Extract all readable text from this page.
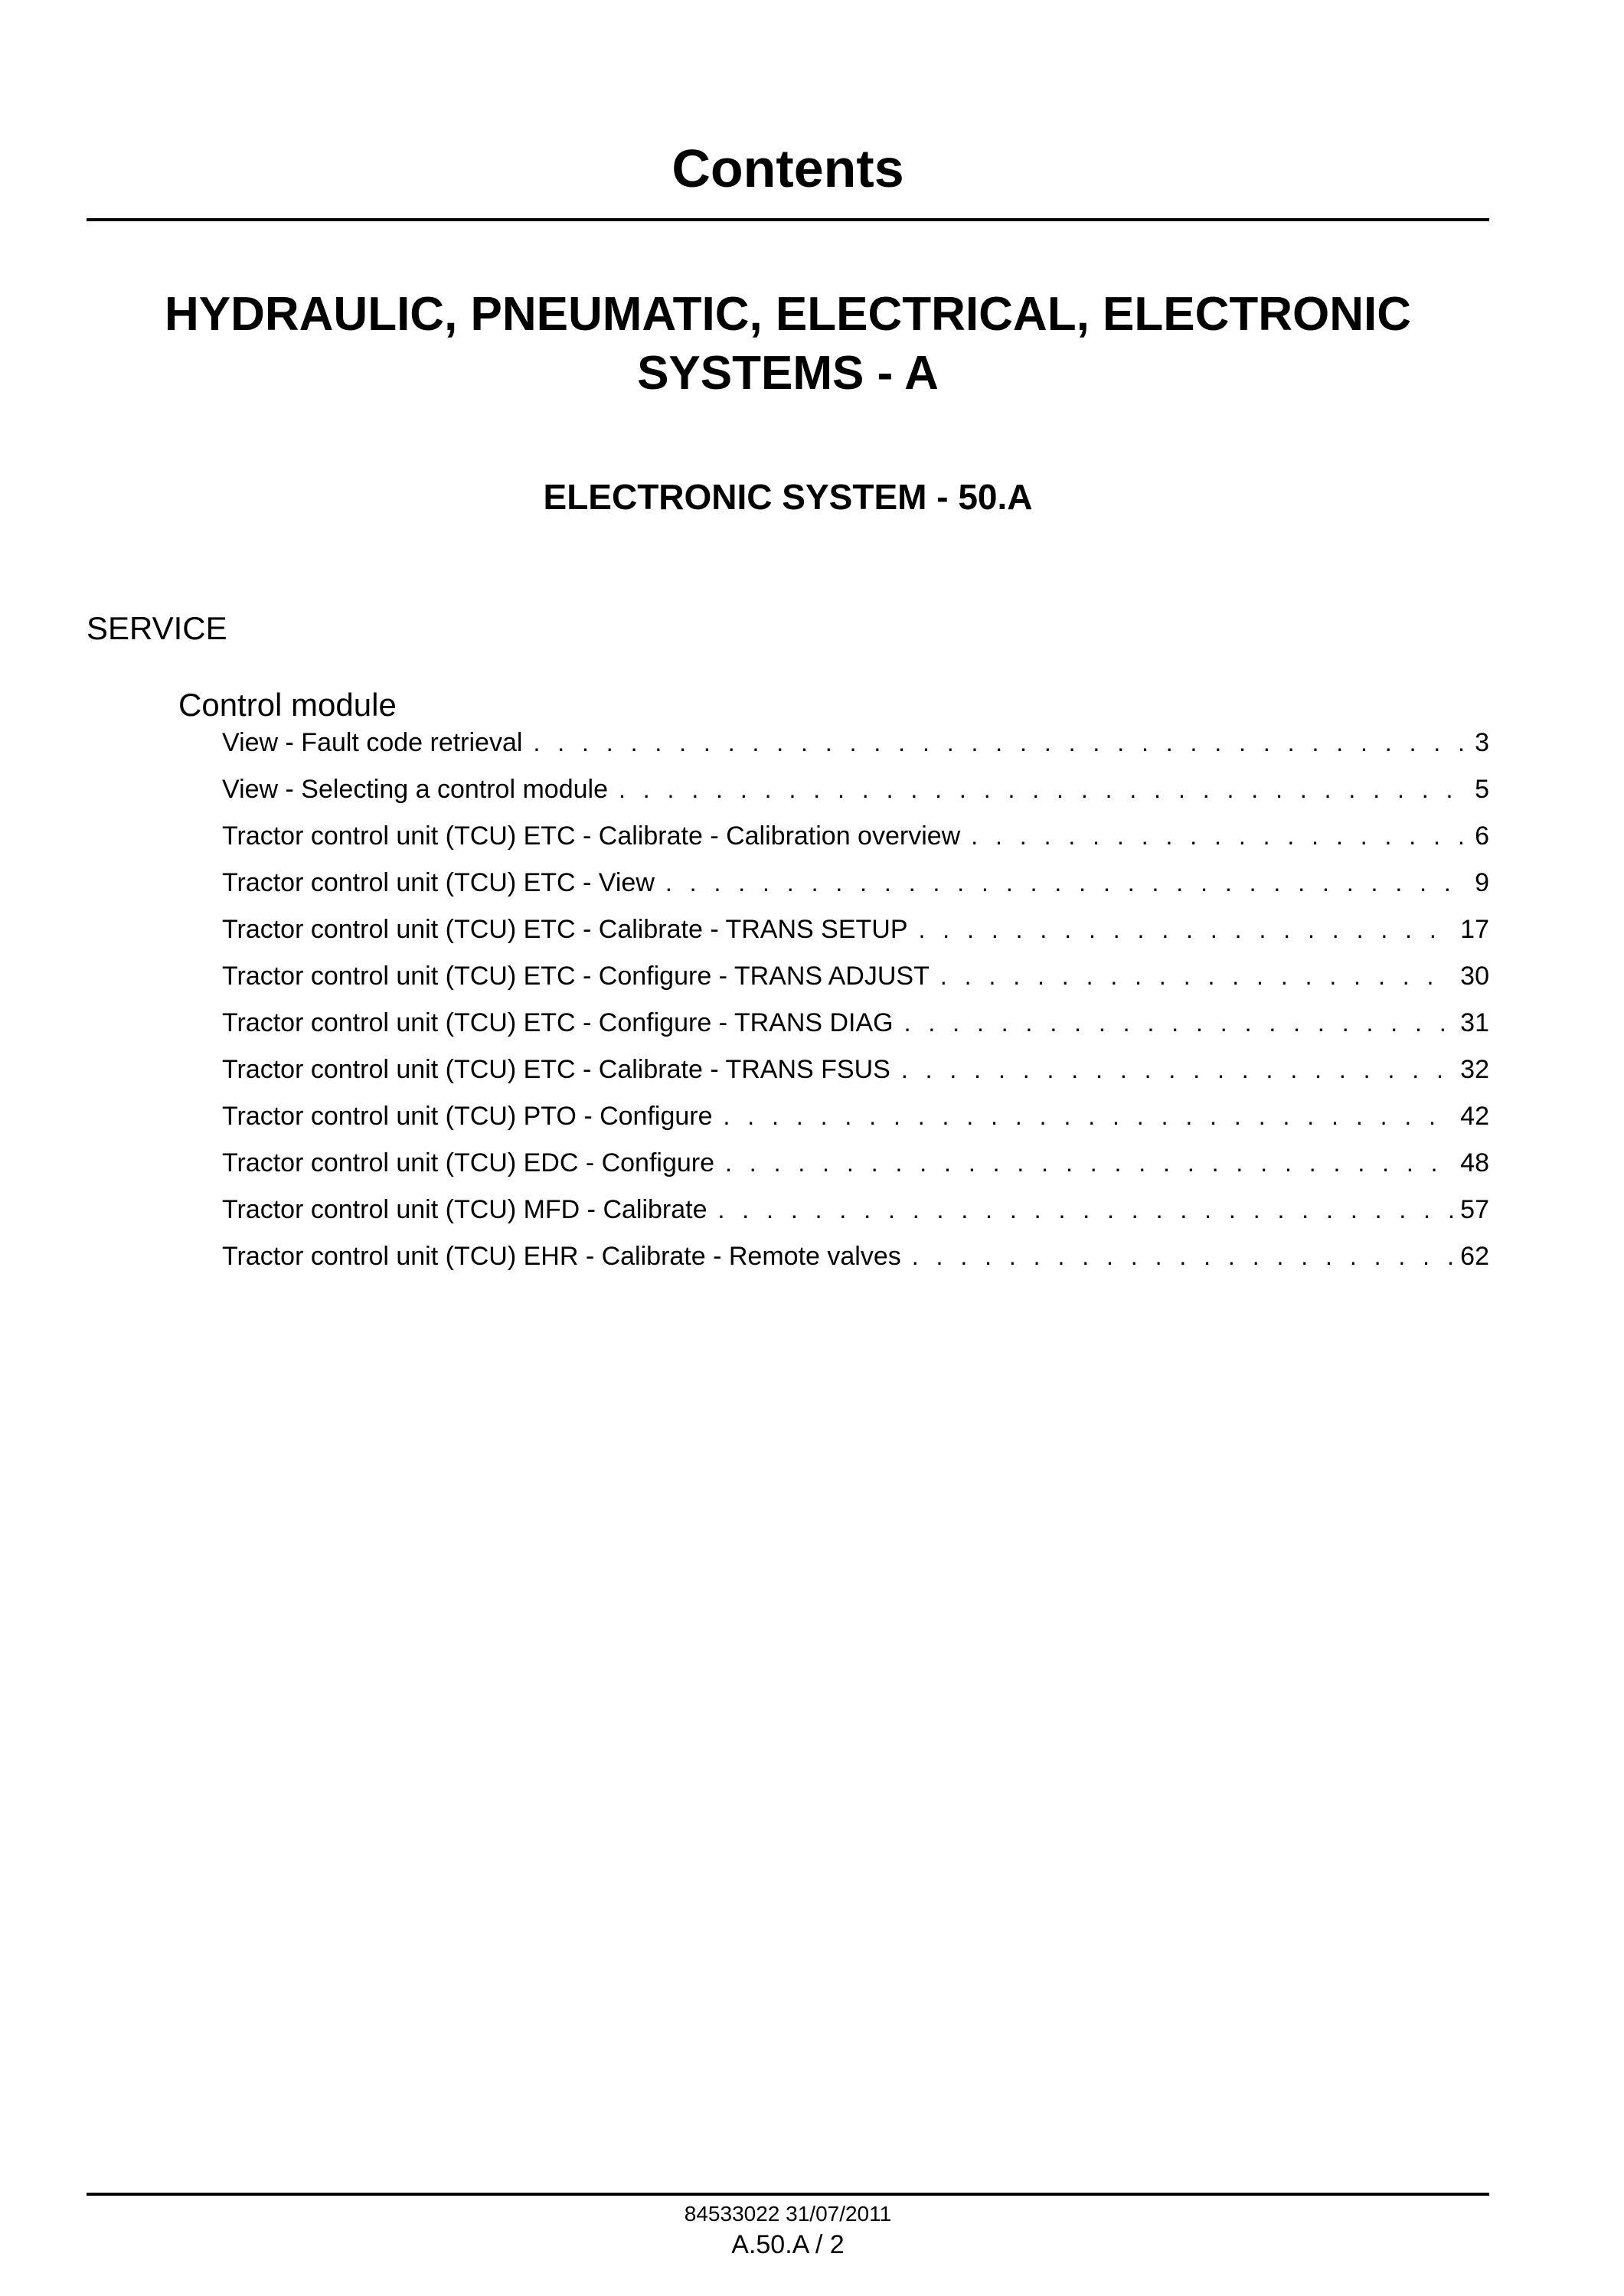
Contents
HYDRAULIC, PNEUMATIC, ELECTRICAL, ELECTRONIC
SYSTEMS - A
ELECTRONIC SYSTEM - 50.A
SERVICE
Control module
View - Fault code retrieval . . .	3
View - Selecting a control module . . .	5
Tractor control unit (TCU) ETC - Calibrate - Calibration overview . . .	6
Tractor control unit (TCU) ETC - View . . .	9
Tractor control unit (TCU) ETC - Calibrate - TRANS SETUP . . .	17
Tractor control unit (TCU) ETC - Configure - TRANS ADJUST . . .	30
Tractor control unit (TCU) ETC - Configure - TRANS DIAG . . .	31
Tractor control unit (TCU) ETC - Calibrate - TRANS FSUS . . .	32
Tractor control unit (TCU) PTO - Configure . . .	42
Tractor control unit (TCU) EDC - Configure . . .	48
Tractor control unit (TCU) MFD - Calibrate . . .	57
Tractor control unit (TCU) EHR - Calibrate - Remote valves . . .	62
84533022 31/07/2011
A.50.A / 2
